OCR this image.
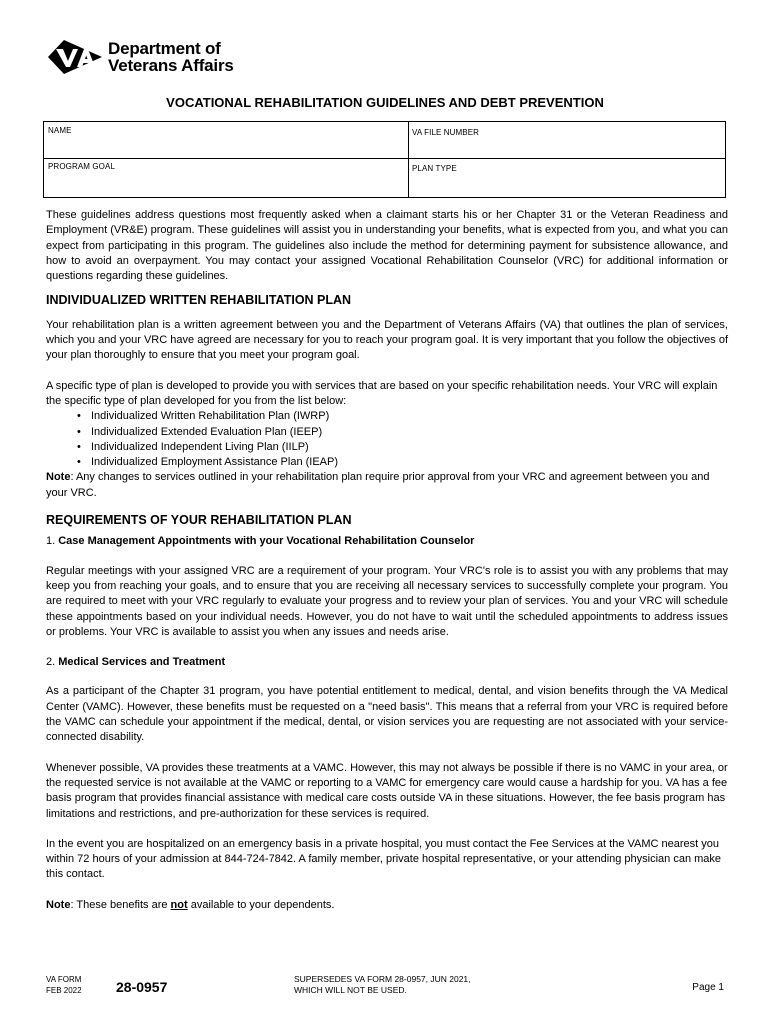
Department of
Veterans Affairs
VOCATIONAL REHABILITATION GUIDELINES AND DEBT PREVENTION
NAME	VA FILE NUMBER
PROGRAM GOAL	PLAN TYPE

These guidelines address questions most frequently asked when a claimant starts his or her Chapter 31 or the Veteran Readiness and Employment (VR&E) program. These guidelines will assist you in understanding your benefits, what is expected from you, and what you can expect from participating in this program. The guidelines also include the method for determining payment for subsistence allowance, and how to avoid an overpayment. You may contact your assigned Vocational Rehabilitation Counselor (VRC) for additional information or questions regarding these guidelines.

INDIVIDUALIZED WRITTEN REHABILITATION PLAN

Your rehabilitation plan is a written agreement between you and the Department of Veterans Affairs (VA) that outlines the plan of services, which you and your VRC have agreed are necessary for you to reach your program goal. It is very important that you follow the objectives of your plan thoroughly to ensure that you meet your program goal.

A specific type of plan is developed to provide you with services that are based on your specific rehabilitation needs. Your VRC will explain the specific type of plan developed for you from the list below:

• Individualized Written Rehabilitation Plan (IWRP)
• Individualized Extended Evaluation Plan (IEEP)
• Individualized Independent Living Plan (IILP)
• Individualized Employment Assistance Plan (IEAP)

Note: Any changes to services outlined in your rehabilitation plan require prior approval from your VRC and agreement between you and your VRC.

REQUIREMENTS OF YOUR REHABILITATION PLAN
1. Case Management Appointments with your Vocational Rehabilitation Counselor

Regular meetings with your assigned VRC are a requirement of your program. Your VRC's role is to assist you with any problems that may keep you from reaching your goals, and to ensure that you are receiving all necessary services to successfully complete your program. You are required to meet with your VRC regularly to evaluate your progress and to review your plan of services. You and your VRC will schedule these appointments based on your individual needs. However, you do not have to wait until the scheduled appointments to address issues or problems. Your VRC is available to assist you when any issues and needs arise.

2. Medical Services and Treatment

As a participant of the Chapter 31 program, you have potential entitlement to medical, dental, and vision benefits through the VA Medical Center (VAMC). However, these benefits must be requested on a "need basis". This means that a referral from your VRC is required before the VAMC can schedule your appointment if the medical, dental, or vision services you are requesting are not associated with your service-connected disability.

Whenever possible, VA provides these treatments at a VAMC. However, this may not always be possible if there is no VAMC in your area, or the requested service is not available at the VAMC or reporting to a VAMC for emergency care would cause a hardship for you. VA has a fee basis program that provides financial assistance with medical care costs outside VA in these situations. However, the fee basis program has limitations and restrictions, and pre-authorization for these services is required.

In the event you are hospitalized on an emergency basis in a private hospital, you must contact the Fee Services at the VAMC nearest you within 72 hours of your admission at 844-724-7842. A family member, private hospital representative, or your attending physician can make this contact.

Note: These benefits are not available to your dependents.

VA FORM
FEB 2022 28-0957	SUPERSEDES VA FORM 28-0957, JUN 2021,
WHICH WILL NOT BE USED.	Page 1
